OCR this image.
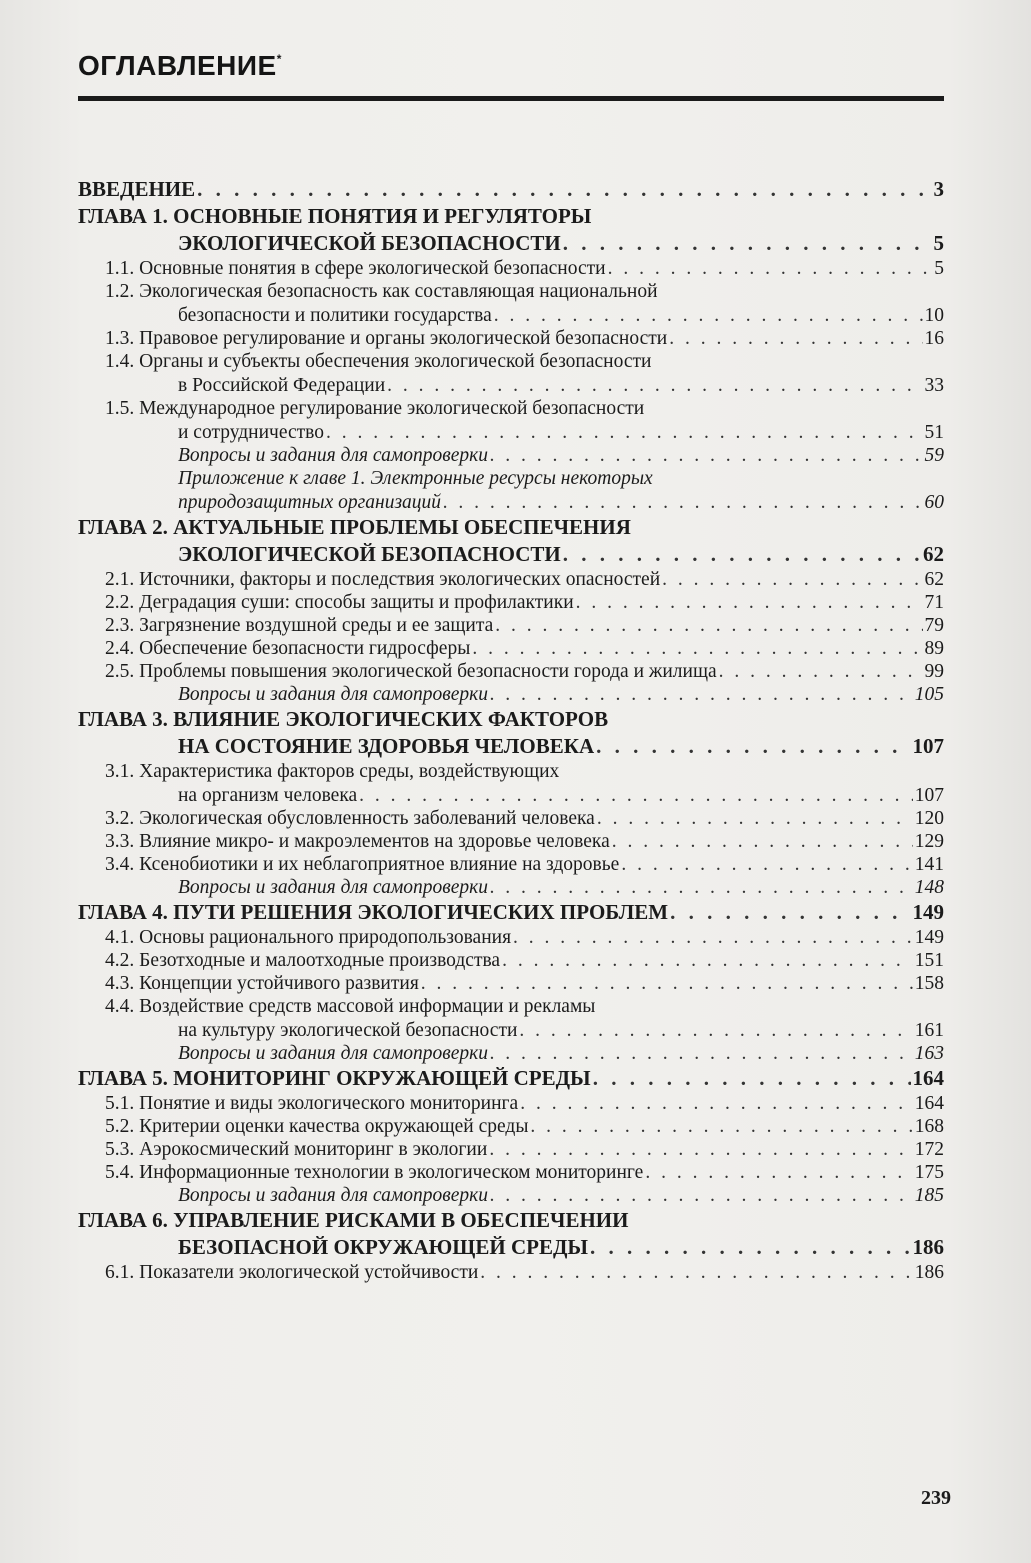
ОГЛАВЛЕНИЕ*
ВВЕДЕНИЕ . . .	3
ГЛАВА 1. ОСНОВНЫЕ ПОНЯТИЯ И РЕГУЛЯТОРЫ
ЭКОЛОГИЧЕСКОЙ БЕЗОПАСНОСТИ . . .	5
1.1. Основные понятия в сфере экологической безопасности . . .	5
1.2. Экологическая безопасность как составляющая национальной
безопасности и политики государства . . .	10
1.3. Правовое регулирование и органы экологической безопасности . . .	16
1.4. Органы и субъекты обеспечения экологической безопасности
в Российской Федерации . . .	33
1.5. Международное регулирование экологической безопасности
и сотрудничество . . .	51
Вопросы и задания для самопроверки . . .	59
Приложение к главе 1. Электронные ресурсы некоторых
природозащитных организаций . . .	60
ГЛАВА 2. АКТУАЛЬНЫЕ ПРОБЛЕМЫ ОБЕСПЕЧЕНИЯ
ЭКОЛОГИЧЕСКОЙ БЕЗОПАСНОСТИ . . .	62
2.1. Источники, факторы и последствия экологических опасностей . . .	62
2.2. Деградация суши: способы защиты и профилактики . . .	71
2.3. Загрязнение воздушной среды и ее защита . . .	79
2.4. Обеспечение безопасности гидросферы . . .	89
2.5. Проблемы повышения экологической безопасности города и жилища . . .	99
Вопросы и задания для самопроверки . . .	105
ГЛАВА 3. ВЛИЯНИЕ ЭКОЛОГИЧЕСКИХ ФАКТОРОВ
НА СОСТОЯНИЕ ЗДОРОВЬЯ ЧЕЛОВЕКА . . .	107
3.1. Характеристика факторов среды, воздействующих
на организм человека . . .	107
3.2. Экологическая обусловленность заболеваний человека . . .	120
3.3. Влияние микро- и макроэлементов на здоровье человека . . .	129
3.4. Ксенобиотики и их неблагоприятное влияние на здоровье . . .	141
Вопросы и задания для самопроверки . . .	148
ГЛАВА 4. ПУТИ РЕШЕНИЯ ЭКОЛОГИЧЕСКИХ ПРОБЛЕМ . . .	149
4.1. Основы рационального природопользования . . .	149
4.2. Безотходные и малоотходные производства . . .	151
4.3. Концепции устойчивого развития . . .	158
4.4. Воздействие средств массовой информации и рекламы
на культуру экологической безопасности . . .	161
Вопросы и задания для самопроверки . . .	163
ГЛАВА 5. МОНИТОРИНГ ОКРУЖАЮЩЕЙ СРЕДЫ . . .	164
5.1. Понятие и виды экологического мониторинга . . .	164
5.2. Критерии оценки качества окружающей среды . . .	168
5.3. Аэрокосмический мониторинг в экологии . . .	172
5.4. Информационные технологии в экологическом мониторинге . . .	175
Вопросы и задания для самопроверки . . .	185
ГЛАВА 6. УПРАВЛЕНИЕ РИСКАМИ В ОБЕСПЕЧЕНИИ
БЕЗОПАСНОЙ ОКРУЖАЮЩЕЙ СРЕДЫ . . .	186
6.1. Показатели экологической устойчивости . . .	186
239
